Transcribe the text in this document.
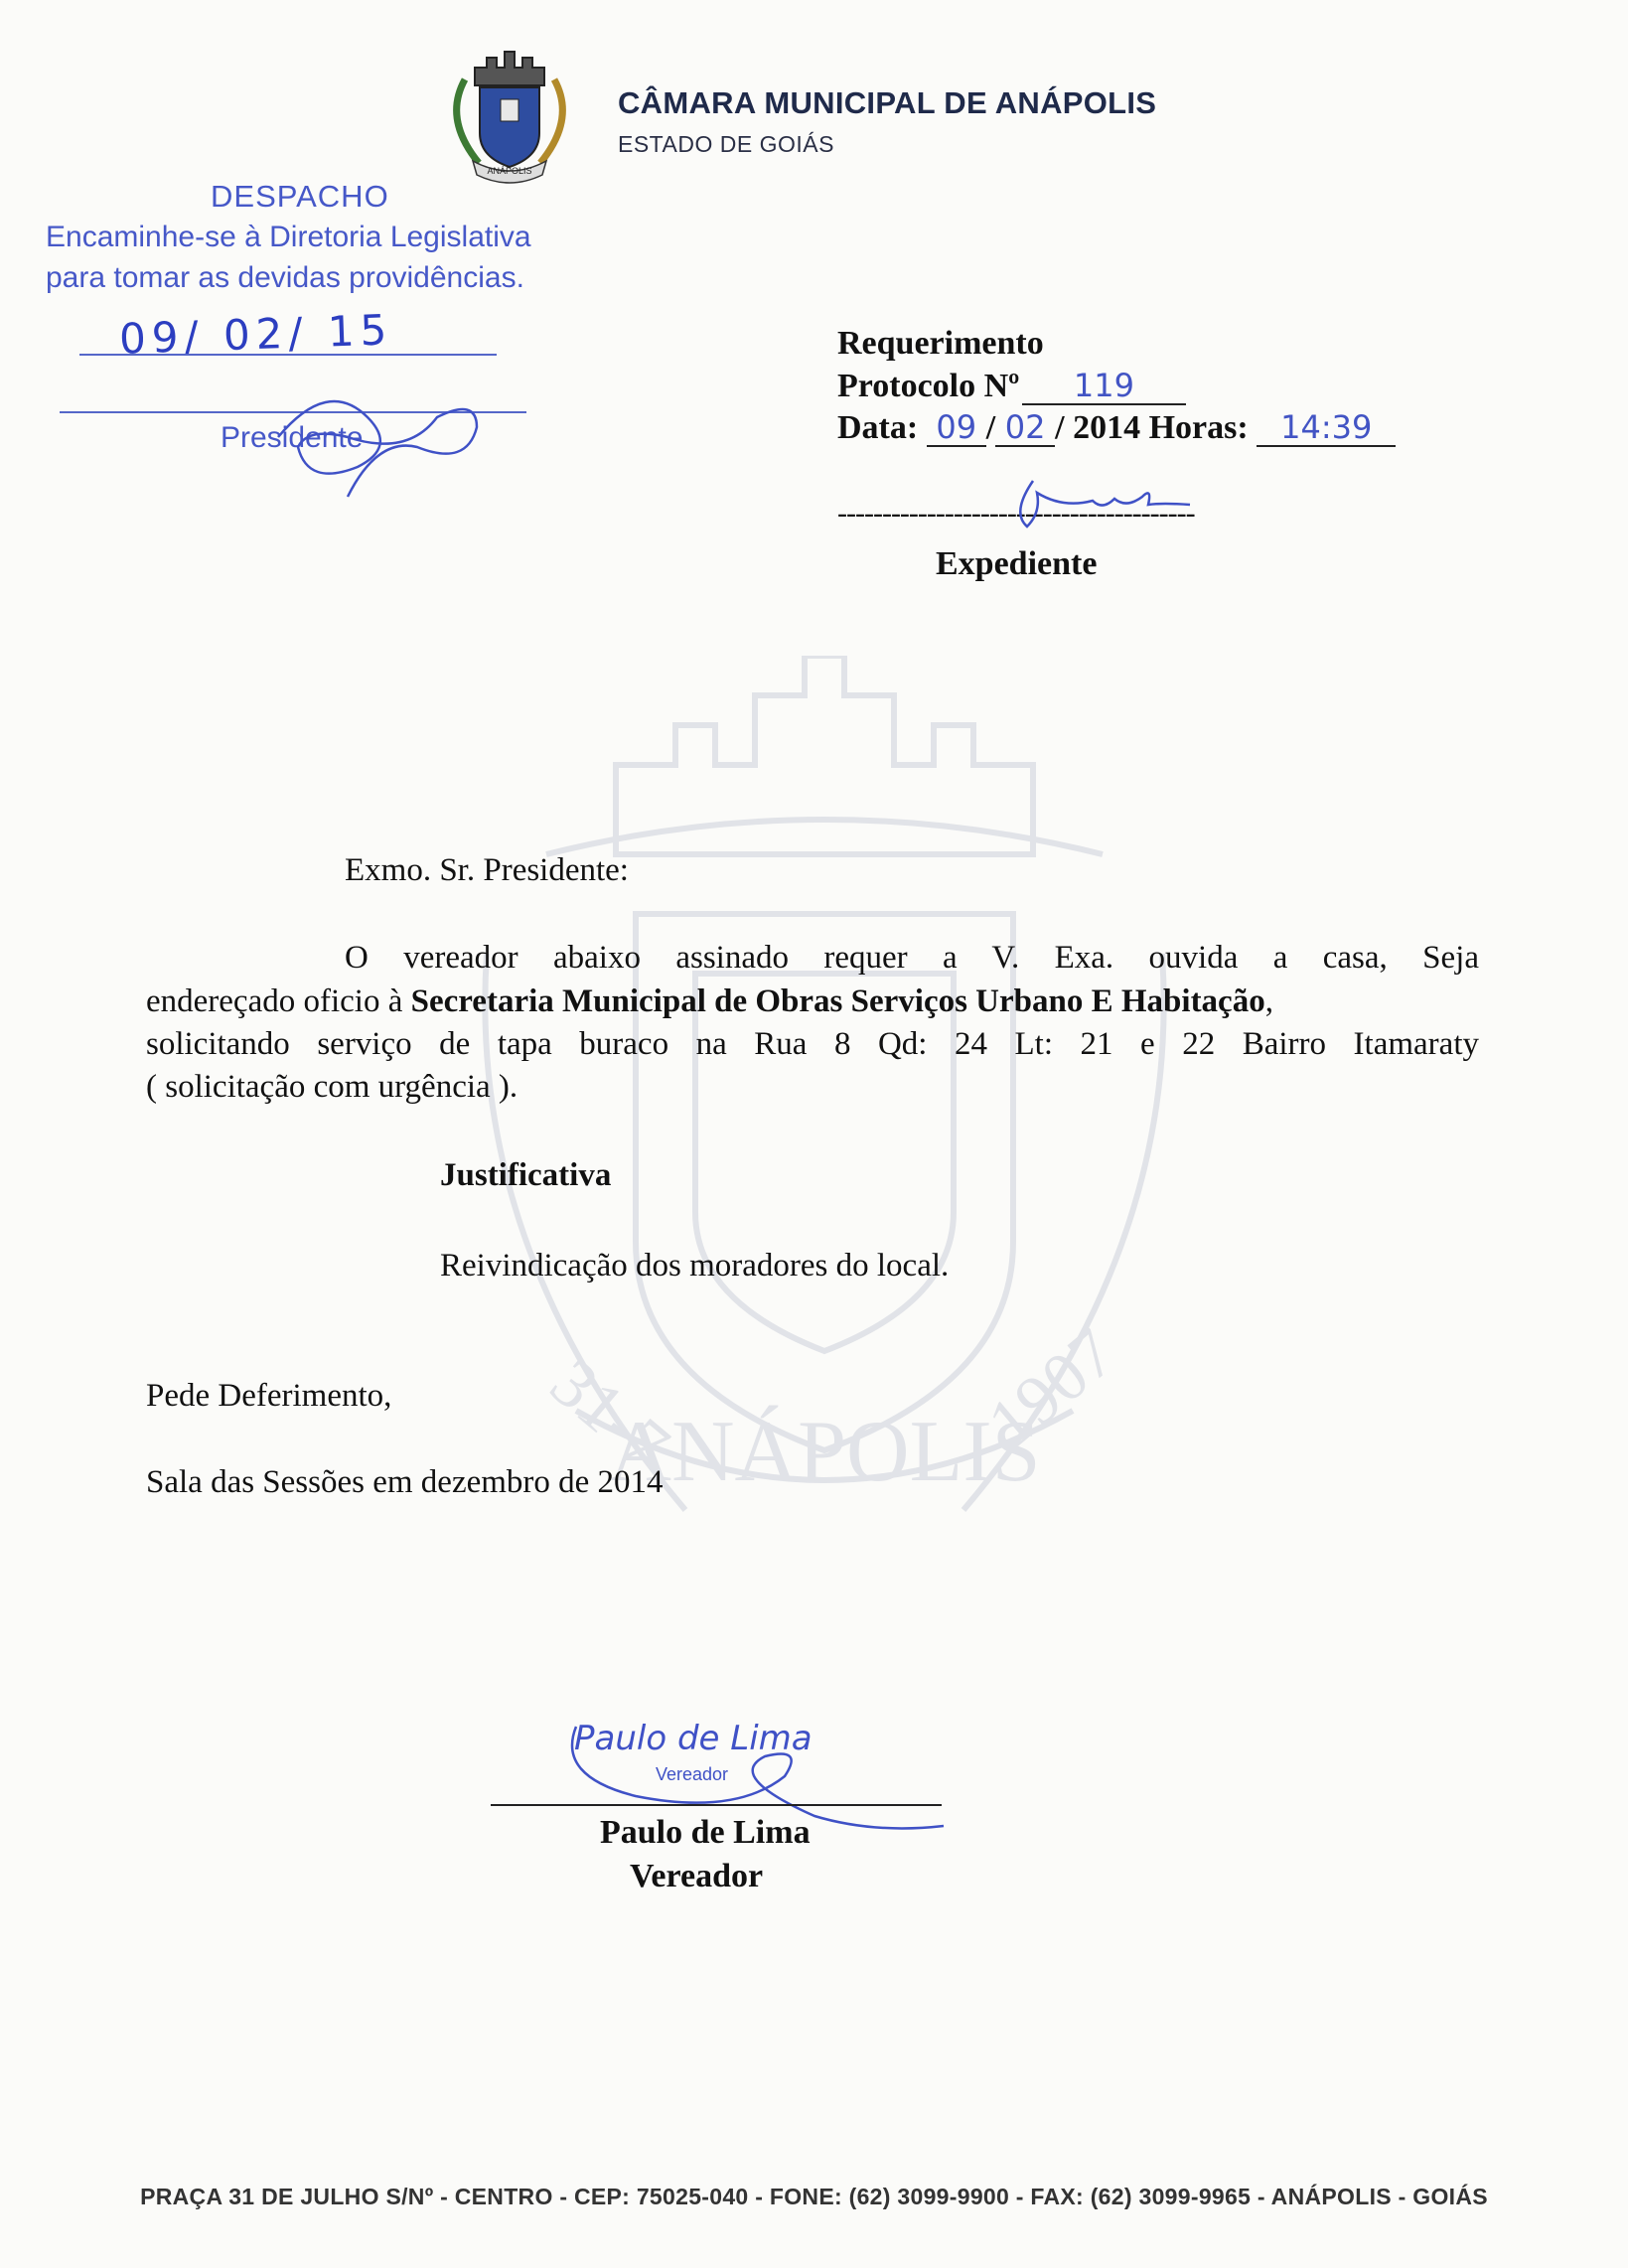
31-7	1907
ANÁPOLIS
ANÁPOLIS
CÂMARA MUNICIPAL DE ANÁPOLIS
ESTADO DE GOIÁS
DESPACHO
Encaminhe-se à Diretoria Legislativa
para tomar as devidas providências.
09/ 02/ 15
Presidente
Requerimento
Protocolo Nº 119
Data: 09 / 02 / 2014 Horas: 14:39
----------------------------------------
Expediente
Exmo. Sr. Presidente:
O vereador abaixo assinado requer a V. Exa. ouvida a casa, Seja
endereçado oficio à Secretaria Municipal de Obras Serviços Urbano E Habitação,
solicitando serviço de tapa buraco na Rua 8 Qd: 24 Lt: 21 e 22 Bairro Itamaraty
( solicitação com urgência ).
Justificativa
Reivindicação dos moradores do local.
Pede Deferimento,
Sala das Sessões em dezembro de 2014
Paulo de Lima
Vereador
Paulo de Lima
Vereador
PRAÇA 31 DE JULHO S/Nº - CENTRO - CEP: 75025-040 - FONE: (62) 3099-9900 - FAX: (62) 3099-9965 - ANÁPOLIS - GOIÁS
